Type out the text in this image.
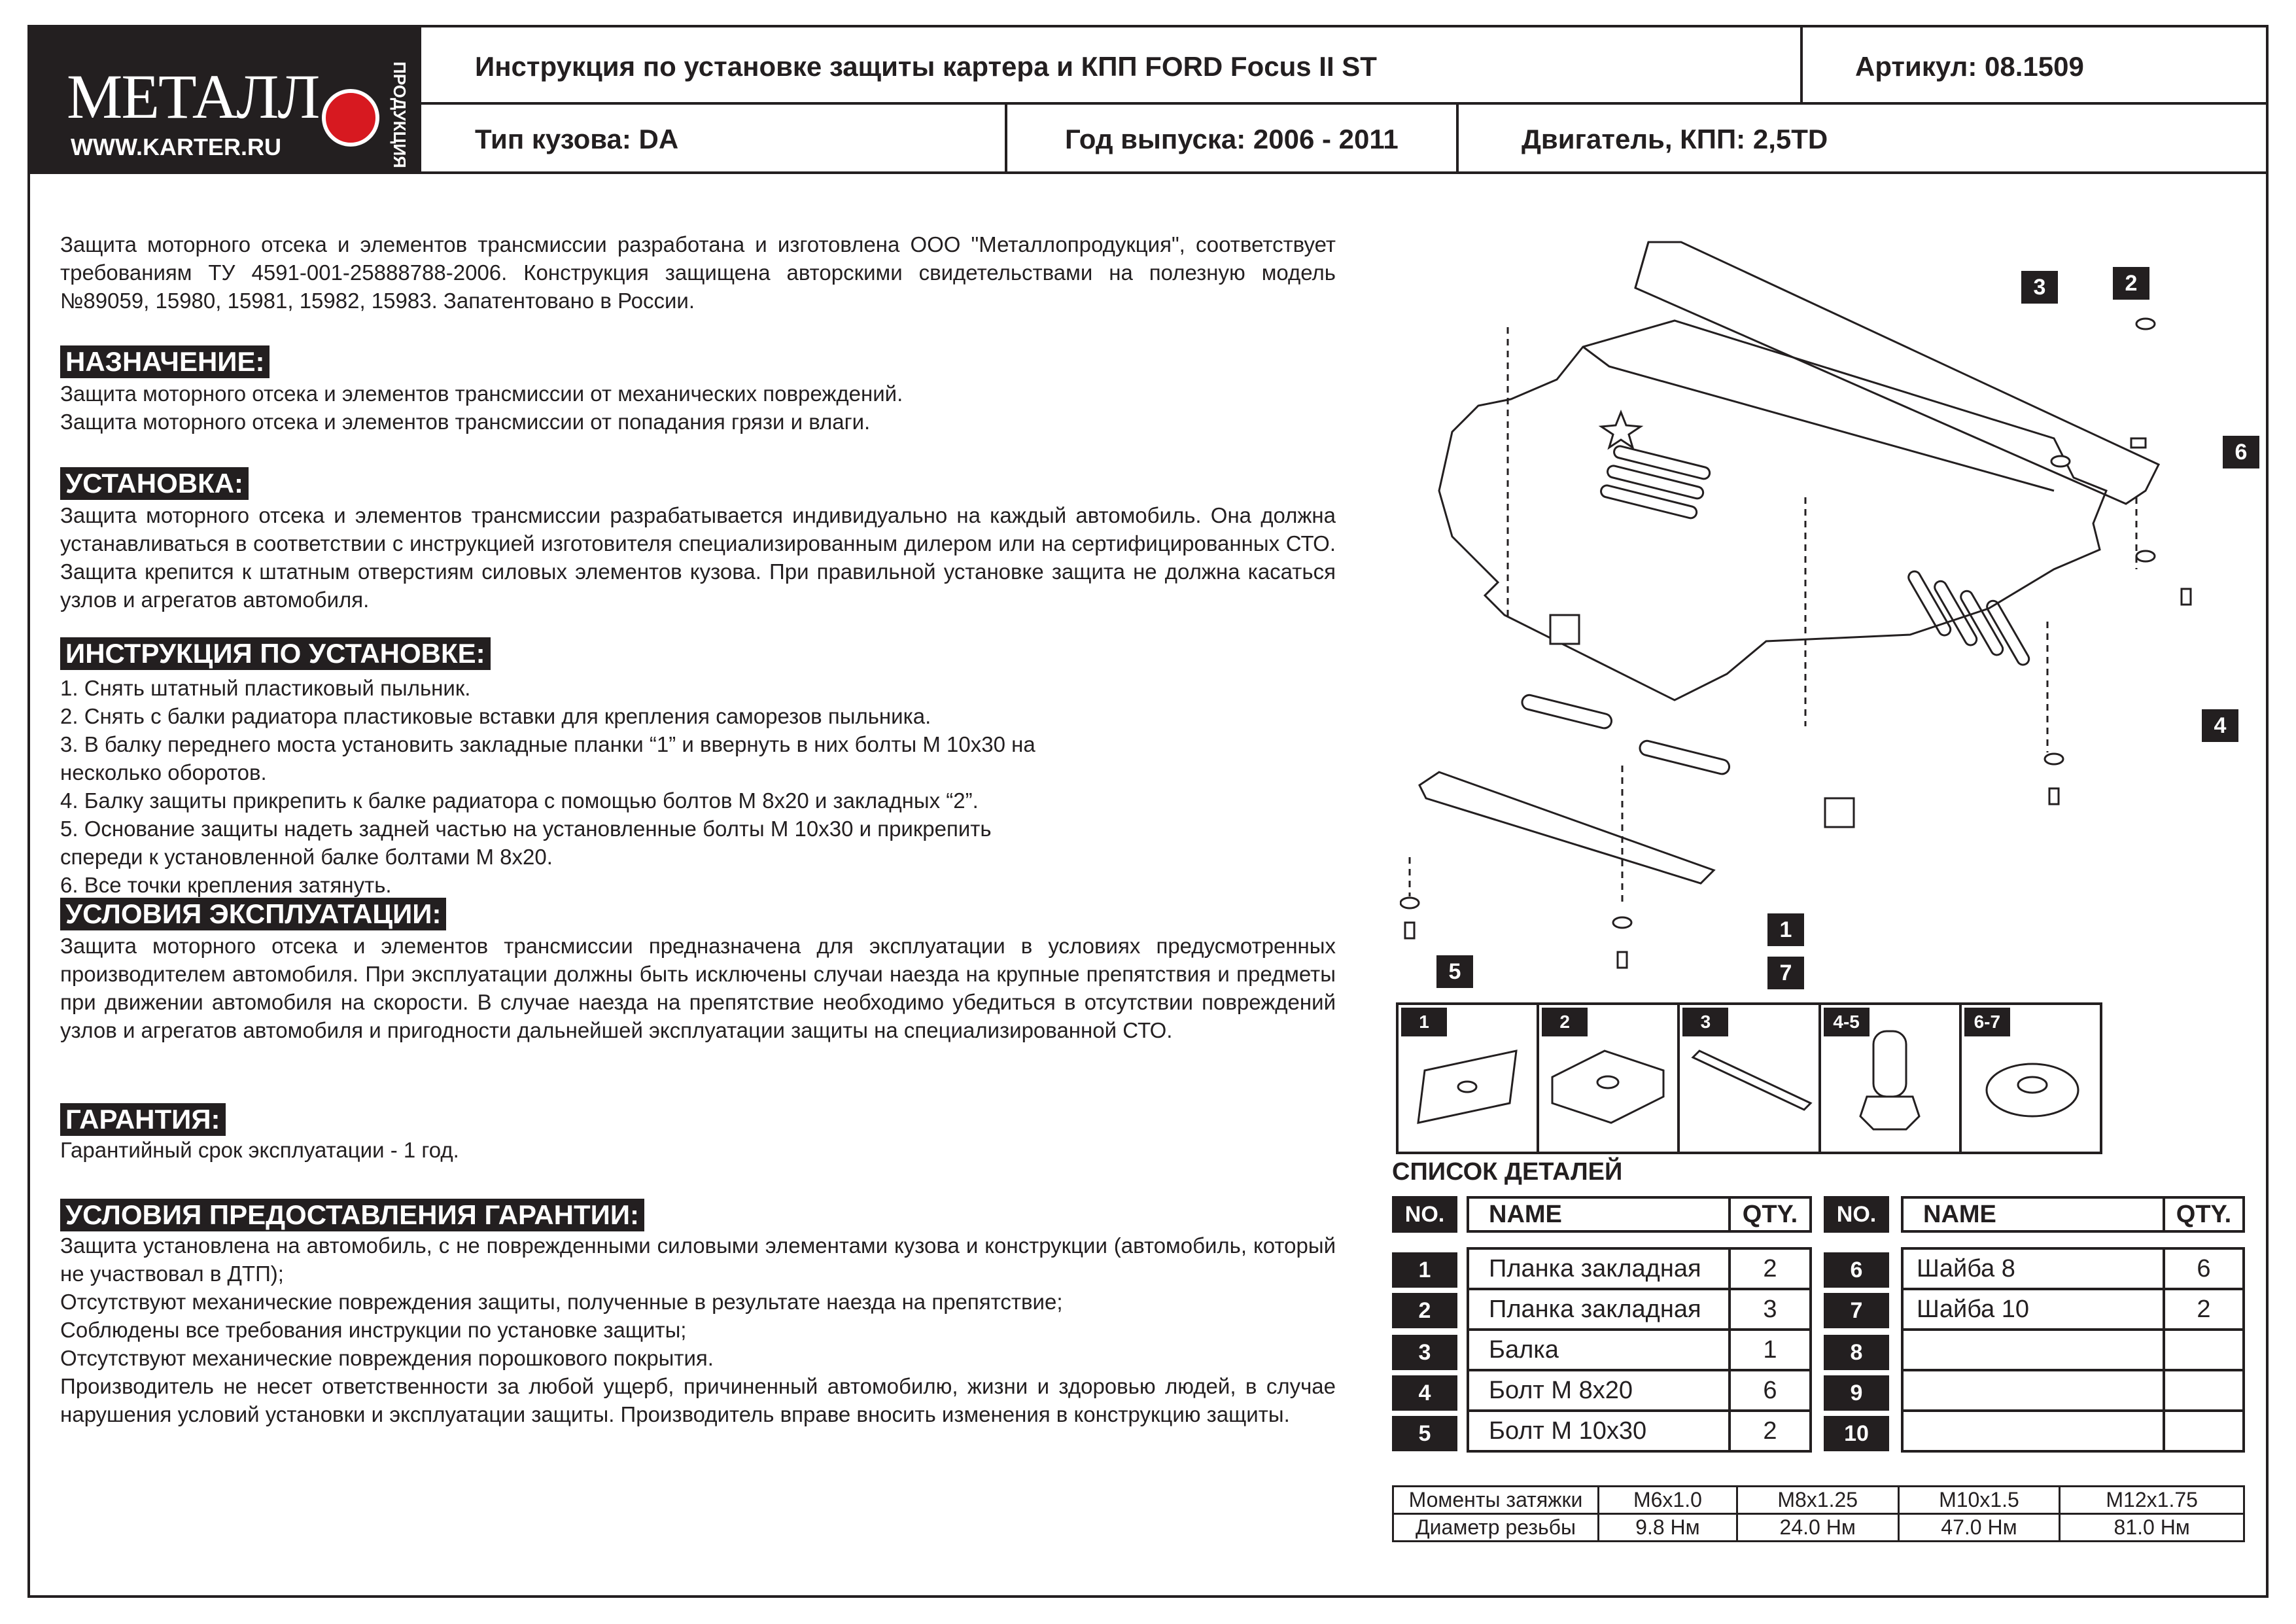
МЕТАЛЛ	ПРОДУКЦИЯ
WWW.KARTER.RU
Инструкция по установке защиты картера и КПП FORD Focus II ST	Артикул: 08.1509
Тип кузова: DA	Год выпуска: 2006 - 2011	Двигатель, КПП: 2,5TD

Защита моторного отсека и элементов трансмиссии разработана и изготовлена ООО "Металлопродукция", соответствует требованиям ТУ 4591-001-25888788-2006. Конструкция защищена авторскими свидетельствами на полезную модель №89059, 15980, 15981, 15982, 15983. Запатентовано в России.

НАЗНАЧЕНИЕ:
Защита моторного отсека и элементов трансмиссии от механических повреждений.
Защита моторного отсека и элементов трансмиссии от попадания грязи и влаги.
УСТАНОВКА:

Защита моторного отсека и элементов трансмиссии разрабатывается индивидуально на каждый автомобиль. Она должна устанавливаться в соответствии с инструкцией изготовителя специализированным дилером или на сертифицированных СТО. Защита крепится к штатным отверстиям силовых элементов кузова. При правильной установке защита не должна касаться узлов и агрегатов автомобиля.

ИНСТРУКЦИЯ ПО УСТАНОВКЕ:
1. Снять штатный пластиковый пыльник.
2. Снять с балки радиатора пластиковые вставки для крепления саморезов пыльника.
3. В балку переднего моста установить закладные планки “1” и ввернуть в них болты М 10х30 на
несколько оборотов.
4. Балку защиты прикрепить к балке радиатора с помощью болтов М 8х20 и закладных “2”.
5. Основание защиты надеть задней частью на установленные болты М 10х30 и прикрепить
спереди к установленной балке болтами М 8х20.
6. Все точки крепления затянуть.
УСЛОВИЯ ЭКСПЛУАТАЦИИ:

Защита моторного отсека и элементов трансмиссии предназначена для эксплуатации в условиях предусмотренных производителем автомобиля. При эксплуатации должны быть исключены случаи наезда на крупные препятствия и предметы при движении автомобиля на скорости. В случае наезда на препятствие необходимо убедиться в отсутствии повреждений узлов и агрегатов автомобиля и пригодности дальнейшей эксплуатации защиты на специализированной СТО.

ГАРАНТИЯ:

Гарантийный срок эксплуатации - 1 год.

УСЛОВИЯ ПРЕДОСТАВЛЕНИЯ ГАРАНТИИ:

Защита установлена на автомобиль, с не поврежденными силовыми элементами кузова и конструкции (автомобиль, который не участвовал в ДТП);

Отсутствуют механические повреждения защиты, полученные в результате наезда на препятствие;
Соблюдены все требования инструкции по установке защиты;
Отсутствуют механические повреждения порошкового покрытия.

Производитель не несет ответственности за любой ущерб, причиненный автомобилю, жизни и здоровью людей, в случае нарушения условий установки и эксплуатации защиты. Производитель вправе вносить изменения в конструкцию защиты.

3	2
6
4
1
7
5
1	2	3	4-5	6-7
СПИСОК ДЕТАЛЕЙ
NO.	NAME	QTY.	NO.	NAME	QTY.
1	Планка закладная	2
2	Планка закладная	3
3	Балка	1
4	Болт М 8х20	6
5	Болт М 10х30	2
6	Шайба 8	6
7	Шайба 10	2
8
9
10
Моменты затяжки	М6х1.0	М8х1.25	М10х1.5	М12х1.75
Диаметр резьбы	9.8 Нм	24.0 Нм	47.0 Нм	81.0 Нм
